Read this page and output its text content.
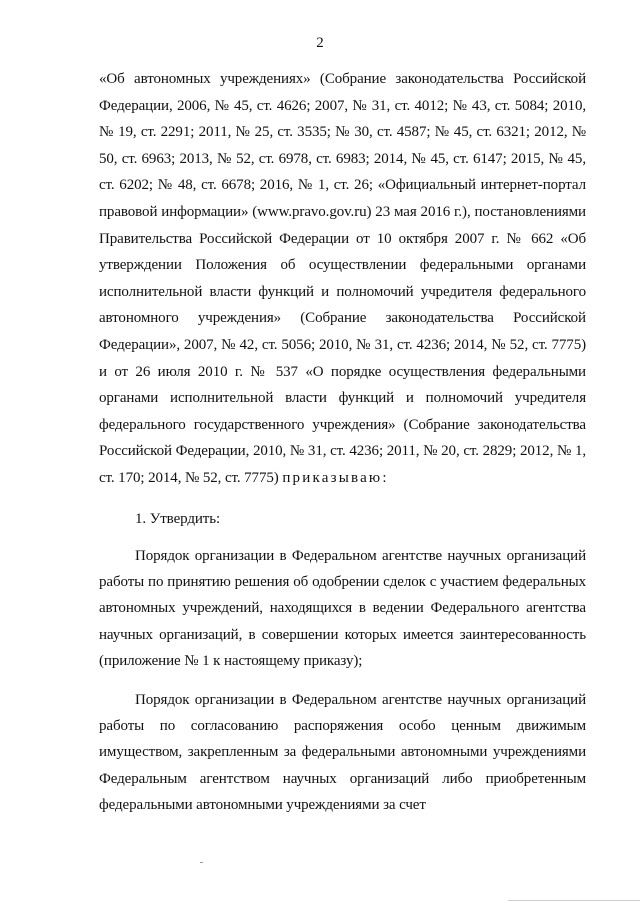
2

«Об автономных учреждениях» (Собрание законодательства Российской Федерации, 2006, № 45, ст. 4626; 2007, № 31, ст. 4012; № 43, ст. 5084; 2010, № 19, ст. 2291; 2011, № 25, ст. 3535; № 30, ст. 4587; № 45, ст. 6321; 2012, № 50, ст. 6963; 2013, № 52, ст. 6978, ст. 6983; 2014, № 45, ст. 6147; 2015, № 45, ст. 6202; № 48, ст. 6678; 2016, № 1, ст. 26; «Официальный интернет-портал правовой информации» (www.pravo.gov.ru) 23 мая 2016 г.), постановлениями Правительства Российской Федерации от 10 октября 2007 г. № 662 «Об утверждении Положения об осуществлении федеральными органами исполнительной власти функций и полномочий учредителя федерального автономного учреждения» (Собрание законодательства Российской Федерации», 2007, № 42, ст. 5056; 2010, № 31, ст. 4236; 2014, № 52, ст. 7775) и от 26 июля 2010 г. № 537 «О порядке осуществления федеральными органами исполнительной власти функций и полномочий учредителя федерального государственного учреждения» (Собрание законодательства Российской Федерации, 2010, № 31, ст. 4236; 2011, № 20, ст. 2829; 2012, № 1, ст. 170; 2014, № 52, ст. 7775) приказываю:

1. Утвердить:

Порядок организации в Федеральном агентстве научных организаций работы по принятию решения об одобрении сделок с участием федеральных автономных учреждений, находящихся в ведении Федерального агентства научных организаций, в совершении которых имеется заинтересованность (приложение № 1 к настоящему приказу);

Порядок организации в Федеральном агентстве научных организаций работы по согласованию распоряжения особо ценным движимым имуществом, закрепленным за федеральными автономными учреждениями Федеральным агентством научных организаций либо приобретенным федеральными автономными учреждениями за счет
